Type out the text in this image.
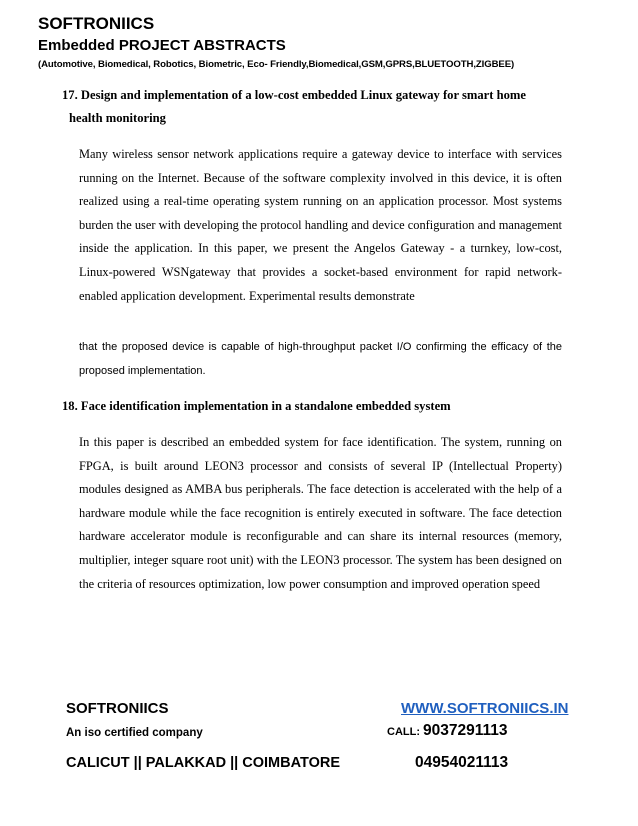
SOFTRONIICS
Embedded PROJECT ABSTRACTS
(Automotive, Biomedical, Robotics, Biometric, Eco- Friendly,Biomedical,GSM,GPRS,BLUETOOTH,ZIGBEE)
17. Design and implementation of a low-cost embedded Linux gateway for smart home
health monitoring
Many wireless sensor network applications require a gateway device to interface with services running on the Internet. Because of the software complexity involved in this device, it is often realized using a real-time operating system running on an application processor. Most systems burden the user with developing the protocol handling and device configuration and management inside the application. In this paper, we present the Angelos Gateway - a turnkey, low-cost, Linux-powered WSNgateway that provides a socket-based environment for rapid network-enabled application development. Experimental results demonstrate
that the proposed device is capable of high-throughput packet I/O confirming the efficacy of the proposed implementation.
18. Face identification implementation in a standalone embedded system
In this paper is described an embedded system for face identification. The system, running on FPGA, is built around LEON3 processor and consists of several IP (Intellectual Property) modules designed as AMBA bus peripherals. The face detection is accelerated with the help of a hardware module while the face recognition is entirely executed in software. The face detection hardware accelerator module is reconfigurable and can share its internal resources (memory, multiplier, integer square root unit) with the LEON3 processor. The system has been designed on the criteria of resources optimization, low power consumption and improved operation speed
SOFTRONIICS
An iso certified company
CALICUT || PALAKKAD || COIMBATORE
WWW.SOFTRONIICS.IN
CALL: 9037291113
04954021113
